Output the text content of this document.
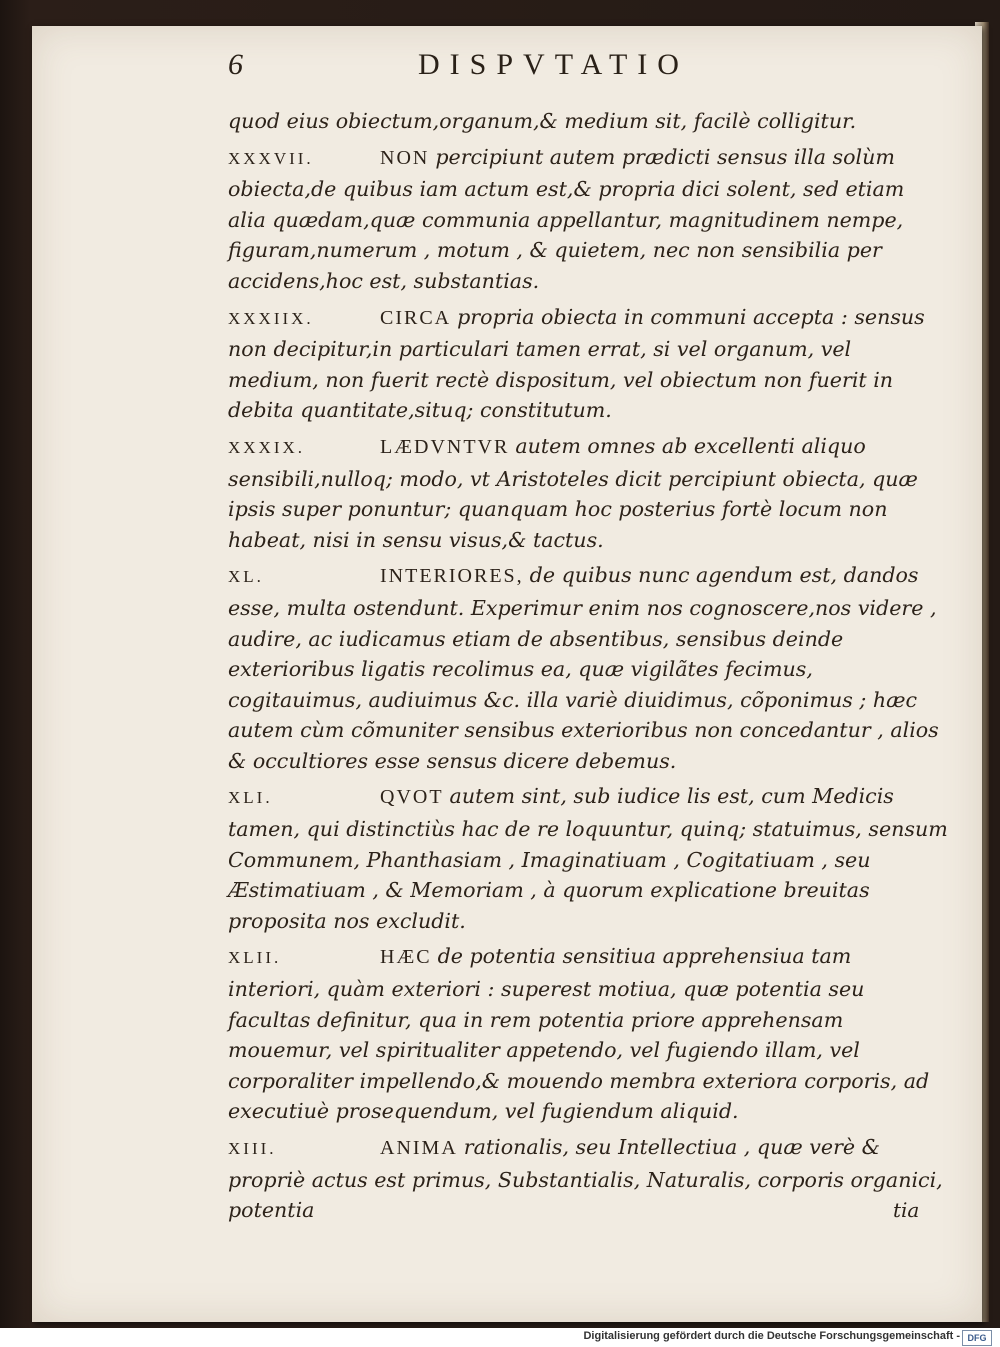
6	DISPVTATIO

quod eius obiectum,organum,& medium sit, facilè colligitur.

XXXVII.	NON percipiunt autem prædicti sensus illa solùm obiecta,de quibus iam actum est,& propria dici solent, sed etiam alia quædam,quæ communia appellantur, magnitudinem nempe, figuram,numerum , motum , & quietem, nec non sensibilia per accidens,hoc est, substantias.

XXXIIX.	CIRCA propria obiecta in communi accepta : sensus non decipitur,in particulari tamen errat, si vel organum, vel medium, non fuerit rectè dispositum, vel obiectum non fuerit in debita quantitate,situq; constitutum.

XXXIX.	LÆDVNTVR autem omnes ab excellenti aliquo sensibili,nulloq; modo, vt Aristoteles dicit percipiunt obiecta, quæ ipsis super ponuntur; quanquam hoc posterius fortè locum non habeat, nisi in sensu visus,& tactus.

XL.	INTERIORES, de quibus nunc agendum est, dandos esse, multa ostendunt. Experimur enim nos cognoscere,nos videre , audire, ac iudicamus etiam de absentibus, sensibus deinde exterioribus ligatis recolimus ea, quæ vigilãtes fecimus, cogitauimus, audiuimus &c. illa variè diuidimus, cõponimus ; hæc autem cùm cõmuniter sensibus exterioribus non concedantur , alios & occultiores esse sensus dicere debemus.

XLI.	QVOT autem sint, sub iudice lis est, cum Medicis tamen, qui distinctiùs hac de re loquuntur, quinq; statuimus, sensum Communem, Phanthasiam , Imaginatiuam , Cogitatiuam , seu Æstimatiuam , & Memoriam , à quorum explicatione breuitas proposita nos excludit.

XLII.	HÆC de potentia sensitiua apprehensiua tam interiori, quàm exteriori : superest motiua, quæ potentia seu facultas definitur, qua in rem potentia priore apprehensam mouemur, vel spiritualiter appetendo, vel fugiendo illam, vel corporaliter impellendo,& mouendo membra exteriora corporis, ad executiuè prosequendum, vel fugiendum aliquid.

XIII.	ANIMA rationalis, seu Intellectiua , quæ verè & propriè actus est primus, Substantialis, Naturalis, corporis organici, potentia	tia
Digitalisierung gefördert durch die Deutsche Forschungsgemeinschaft - DFG
